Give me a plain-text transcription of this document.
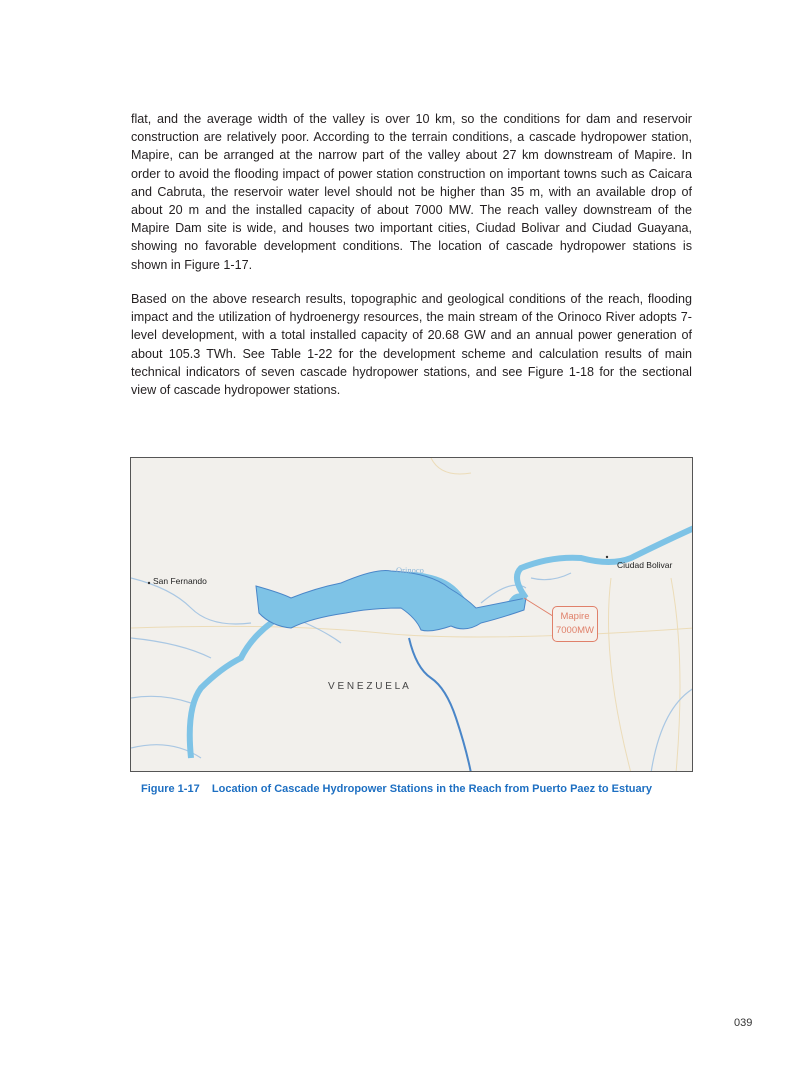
flat, and the average width of the valley is over 10 km, so the conditions for dam and reservoir construction are relatively poor. According to the terrain conditions, a cascade hydropower station, Mapire, can be arranged at the narrow part of the valley about 27 km downstream of Mapire. In order to avoid the flooding impact of power station construction on important towns such as Caicara and Cabruta, the reservoir water level should not be higher than 35 m, with an available drop of about 20 m and the installed capacity of about 7000 MW. The reach valley downstream of the Mapire Dam site is wide, and houses two important cities, Ciudad Bolivar and Ciudad Guayana, showing no favorable development conditions. The location of cascade hydropower stations is shown in Figure 1-17.

Based on the above research results, topographic and geological conditions of the reach, flooding impact and the utilization of hydroenergy resources, the main stream of the Orinoco River adopts 7-level development, with a total installed capacity of 20.68 GW and an annual power generation of about 105.3 TWh. See Table 1-22 for the development scheme and calculation results of main technical indicators of seven cascade hydropower stations, and see Figure 1-18 for the sectional view of cascade hydropower stations.

San Fernando
Orinoco	Ciudad Bolivar
V E N E Z U E L A
Mapire
7000MW
Figure 1-17    Location of Cascade Hydropower Stations in the Reach from Puerto Paez to Estuary
039
